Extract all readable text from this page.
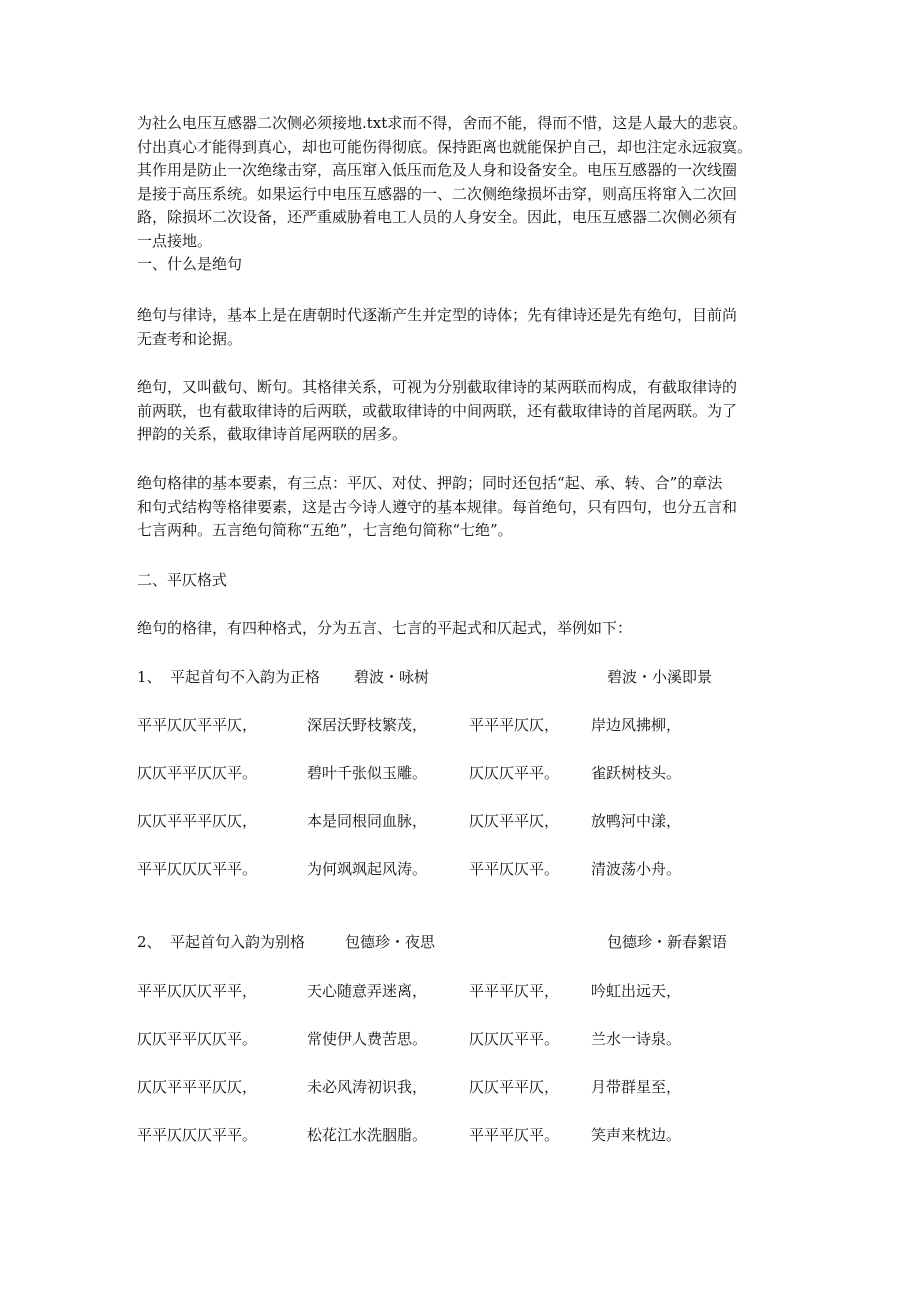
为社么电压互感器二次侧必须接地.txt求而不得，舍而不能，得而不惜，这是人最大的悲哀。
付出真心才能得到真心，却也可能伤得彻底。保持距离也就能保护自己，却也注定永远寂寞。
其作用是防止一次绝缘击穿，高压窜入低压而危及人身和设备安全。电压互感器的一次线圈
是接于高压系统。如果运行中电压互感器的一、二次侧绝缘损坏击穿，则高压将窜入二次回
路，除损坏二次设备，还严重威胁着电工人员的人身安全。因此，电压互感器二次侧必须有
一点接地。
一、什么是绝句
绝句与律诗，基本上是在唐朝时代逐渐产生并定型的诗体；先有律诗还是先有绝句，目前尚
无查考和论据。
绝句，又叫截句、断句。其格律关系，可视为分别截取律诗的某两联而构成，有截取律诗的
前两联，也有截取律诗的后两联，或截取律诗的中间两联，还有截取律诗的首尾两联。为了
押韵的关系，截取律诗首尾两联的居多。
绝句格律的基本要素，有三点：平仄、对仗、押韵；同时还包括“起、承、转、合”的章法
和句式结构等格律要素，这是古今诗人遵守的基本规律。每首绝句，只有四句，也分五言和
七言两种。五言绝句简称“五绝”，七言绝句简称“七绝”。
二、平仄格式
绝句的格律，有四种格式，分为五言、七言的平起式和仄起式，举例如下：
1、 平起首句不入韵为正格 碧波・咏树	碧波・小溪即景
平平仄仄平平仄，	深居沃野枝繁茂，	平平平仄仄， 岸边风拂柳，
仄仄平平仄仄平。	碧叶千张似玉雕。	仄仄仄平平。 雀跃树枝头。
仄仄平平平仄仄，	本是同根同血脉，	仄仄平平仄， 放鸭河中漾，
平平仄仄仄平平。	为何飒飒起风涛。	平平仄仄平。 清波荡小舟。
2、 平起首句入韵为别格	包德珍・夜思	包德珍・新春絮语
平平仄仄仄平平，	天心随意弄迷离，	平平平仄平， 吟虹出远天，
仄仄平平仄仄平。	常使伊人费苦思。	仄仄仄平平。 兰水一诗泉。
仄仄平平平仄仄，	未必风涛初识我，	仄仄平平仄， 月带群星至，
平平仄仄仄平平。	松花江水洗胭脂。	平平平仄平。 笑声来枕边。
